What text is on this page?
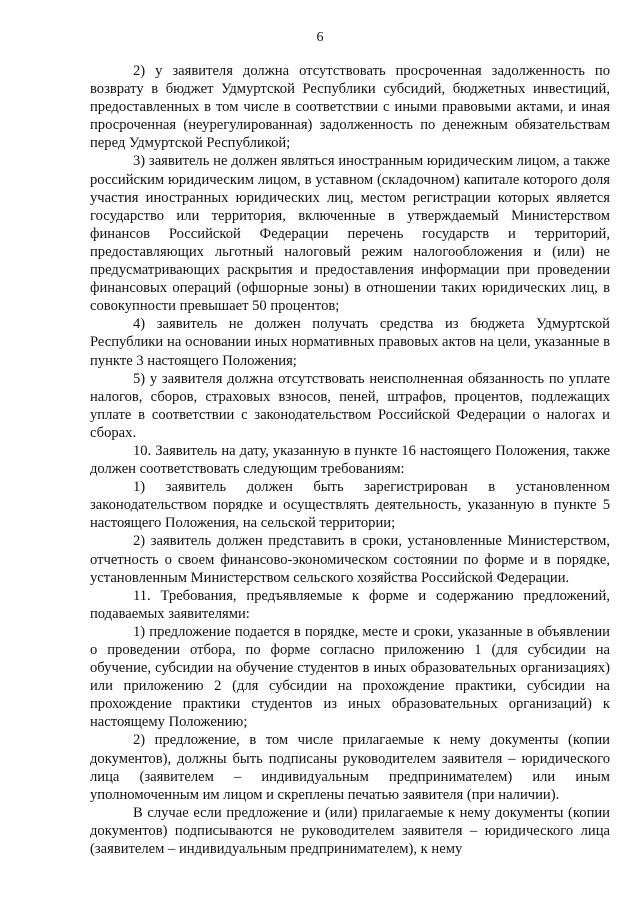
6

2) у заявителя должна отсутствовать просроченная задолженность по возврату в бюджет Удмуртской Республики субсидий, бюджетных инвестиций, предоставленных в том числе в соответствии с иными правовыми актами, и иная просроченная (неурегулированная) задолженность по денежным обязательствам перед Удмуртской Республикой;

3) заявитель не должен являться иностранным юридическим лицом, а также российским юридическим лицом, в уставном (складочном) капитале которого доля участия иностранных юридических лиц, местом регистрации которых является государство или территория, включенные в утверждаемый Министерством финансов Российской Федерации перечень государств и территорий, предоставляющих льготный налоговый режим налогообложения и (или) не предусматривающих раскрытия и предоставления информации при проведении финансовых операций (офшорные зоны) в отношении таких юридических лиц, в совокупности превышает 50 процентов;

4) заявитель не должен получать средства из бюджета Удмуртской Республики на основании иных нормативных правовых актов на цели, указанные в пункте 3 настоящего Положения;

5) у заявителя должна отсутствовать неисполненная обязанность по уплате налогов, сборов, страховых взносов, пеней, штрафов, процентов, подлежащих уплате в соответствии с законодательством Российской Федерации о налогах и сборах.

10. Заявитель на дату, указанную в пункте 16 настоящего Положения, также должен соответствовать следующим требованиям:

1) заявитель должен быть зарегистрирован в установленном законодательством порядке и осуществлять деятельность, указанную в пункте 5 настоящего Положения, на сельской территории;

2) заявитель должен представить в сроки, установленные Министерством, отчетность о своем финансово-экономическом состоянии по форме и в порядке, установленным Министерством сельского хозяйства Российской Федерации.

11. Требования, предъявляемые к форме и содержанию предложений, подаваемых заявителями:

1) предложение подается в порядке, месте и сроки, указанные в объявлении о проведении отбора, по форме согласно приложению 1 (для субсидии на обучение, субсидии на обучение студентов в иных образовательных организациях) или приложению 2 (для субсидии на прохождение практики, субсидии на прохождение практики студентов из иных образовательных организаций) к настоящему Положению;

2) предложение, в том числе прилагаемые к нему документы (копии документов), должны быть подписаны руководителем заявителя – юридического лица (заявителем – индивидуальным предпринимателем) или иным уполномоченным им лицом и скреплены печатью заявителя (при наличии).

В случае если предложение и (или) прилагаемые к нему документы (копии документов) подписываются не руководителем заявителя – юридического лица (заявителем – индивидуальным предпринимателем), к нему
